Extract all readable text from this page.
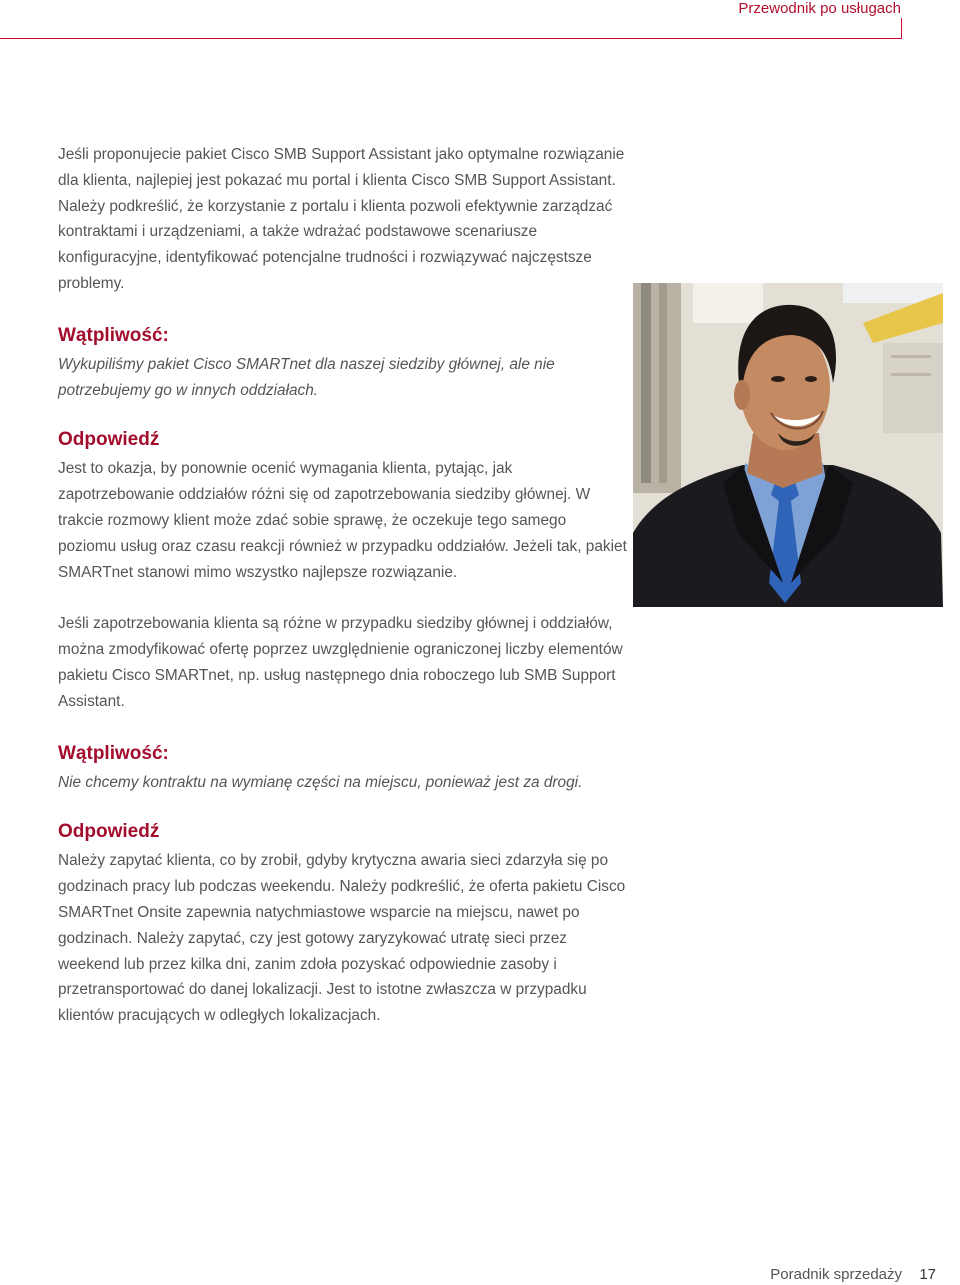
Przewodnik po usługach

Jeśli proponujecie pakiet Cisco SMB Support Assistant jako optymalne rozwiązanie dla klienta, najlepiej jest pokazać mu portal i klienta Cisco SMB Support Assistant. Należy podkreślić, że korzystanie z portalu i klienta pozwoli efektywnie zarządzać kontraktami i urządzeniami, a także wdrażać podstawowe scenariusze konfiguracyjne, identyfikować potencjalne trudności i rozwiązywać najczęstsze problemy.

Wątpliwość:

Wykupiliśmy pakiet Cisco SMARTnet dla naszej siedziby głównej, ale nie potrzebujemy go w innych oddziałach.

Odpowiedź

Jest to okazja, by ponownie ocenić wymagania klienta, pytając, jak zapotrzebowanie oddziałów różni się od zapotrzebowania siedziby głównej. W trakcie rozmowy klient może zdać sobie sprawę, że oczekuje tego samego poziomu usług oraz czasu reakcji również w przypadku oddziałów. Jeżeli tak, pakiet SMARTnet stanowi mimo wszystko najlepsze rozwiązanie.

Jeśli zapotrzebowania klienta są różne w przypadku siedziby głównej i oddziałów, można zmodyfikować ofertę poprzez uwzględnienie ograniczonej liczby elementów pakietu Cisco SMARTnet, np. usług następnego dnia roboczego lub SMB Support Assistant.

Wątpliwość:

Nie chcemy kontraktu na wymianę części na miejscu, ponieważ jest za drogi.

Odpowiedź

Należy zapytać klienta, co by zrobił, gdyby krytyczna awaria sieci zdarzyła się po godzinach pracy lub podczas weekendu. Należy podkreślić, że oferta pakietu Cisco SMARTnet Onsite zapewnia natychmiastowe wsparcie na miejscu, nawet po godzinach. Należy zapytać, czy jest gotowy zaryzykować utratę sieci przez weekend lub przez kilka dni, zanim zdoła pozyskać odpowiednie zasoby i przetransportować do danej lokalizacji. Jest to istotne zwłaszcza w przypadku klientów pracujących w odległych lokalizacjach.

Poradnik sprzedaży 17
